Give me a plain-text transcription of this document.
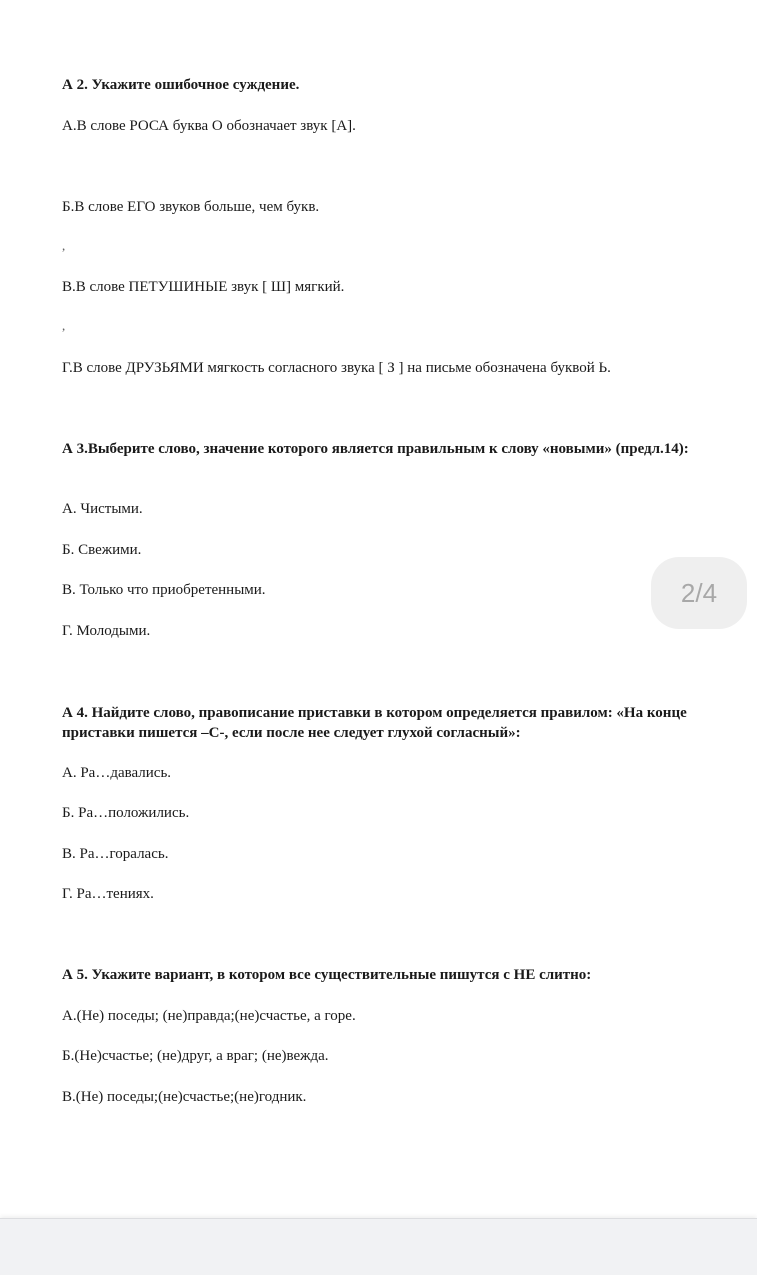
А 2. Укажите ошибочное суждение.
А.В слове РОСА буква О обозначает звук [А].
Б.В слове ЕГО звуков больше, чем букв.
,
В.В слове ПЕТУШИНЫЕ звук [ Ш] мягкий.
,
Г.В слове ДРУЗЬЯМИ мягкость согласного звука [ З ] на письме обозначена буквой Ь.
А 3.Выберите слово, значение которого является правильным к слову «новыми» (предл.14):
А. Чистыми.
Б. Свежими.
В. Только что приобретенными.
Г. Молодыми.
А 4. Найдите слово, правописание приставки в котором определяется правилом: «На конце приставки пишется –С-, если после нее следует глухой согласный»:
А. Ра…давались.
Б. Ра…положились.
В. Ра…горалась.
Г. Ра…тениях.
А 5. Укажите вариант, в котором все существительные пишутся с НЕ слитно:
А.(Не) поседы; (не)правда;(не)счастье, а горе.
Б.(Не)счастье; (не)друг, а враг; (не)вежда.
В.(Не) поседы;(не)счастье;(не)годник.
2/4
